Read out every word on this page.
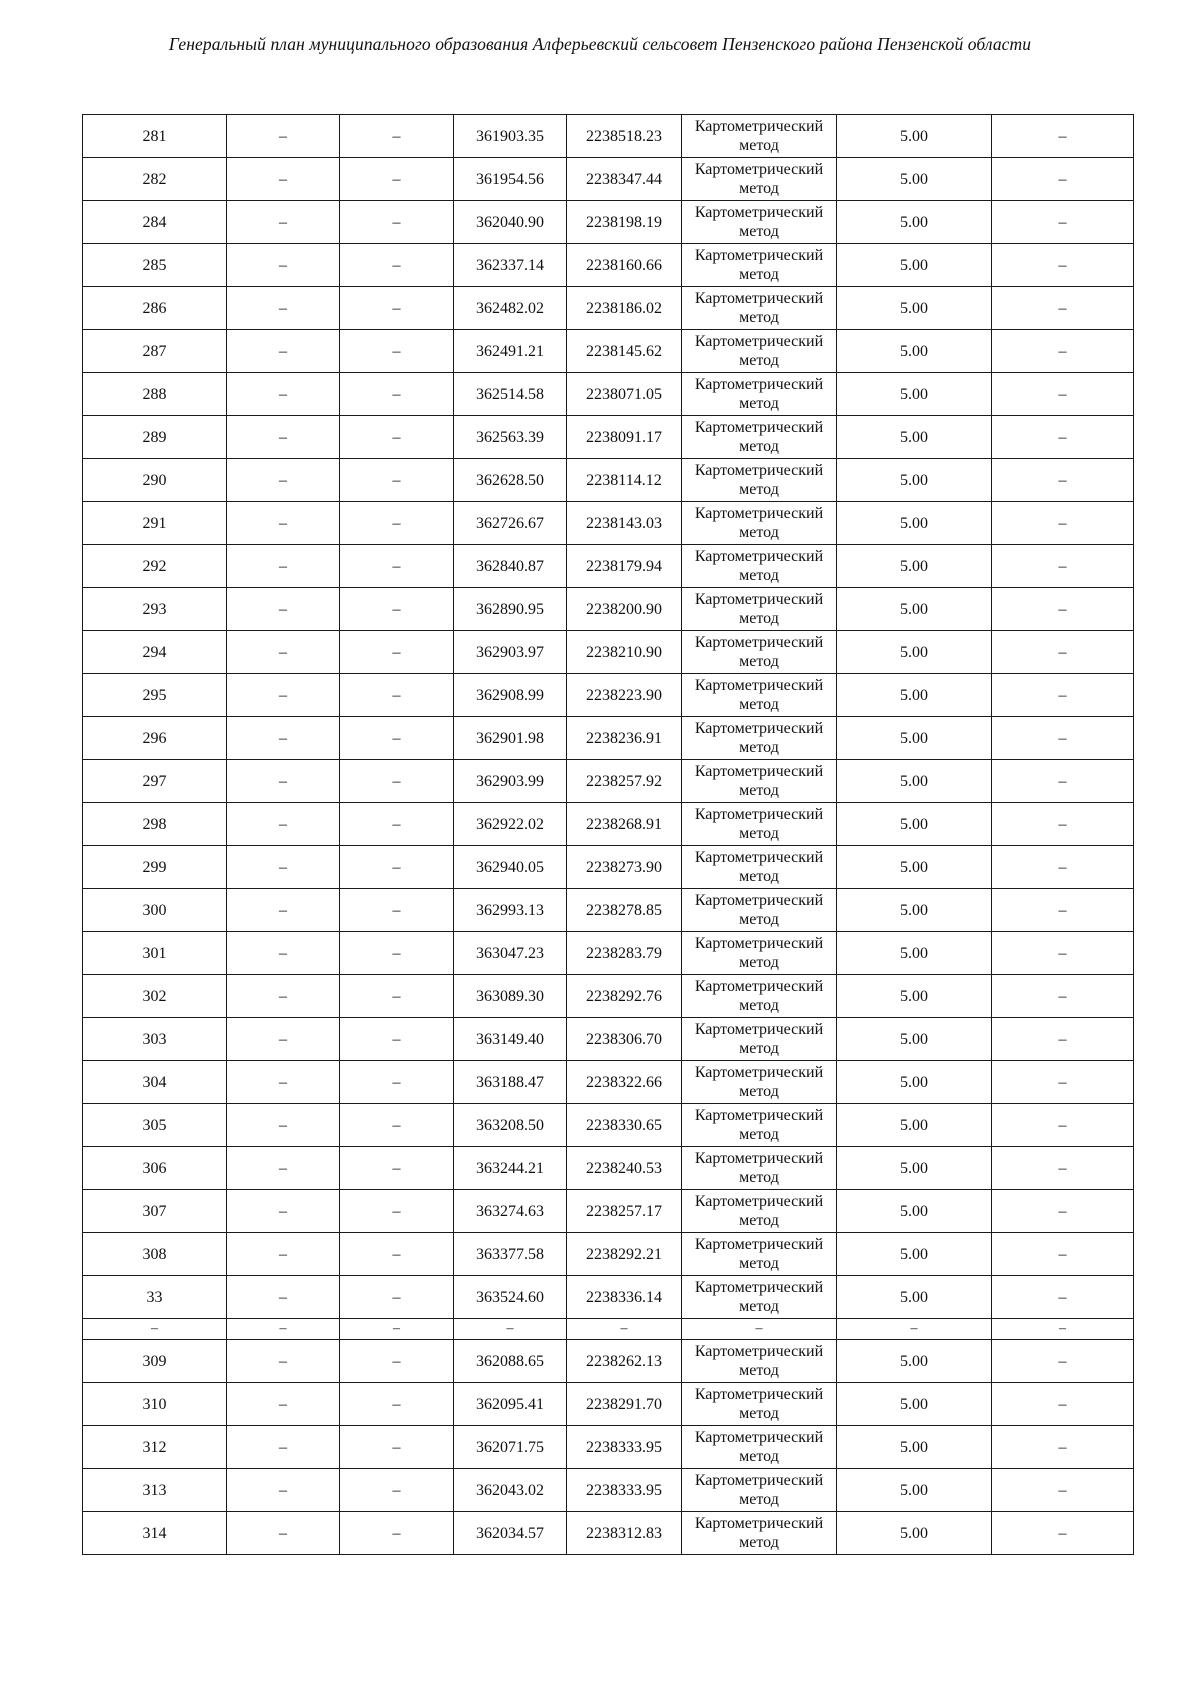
Генеральный план муниципального образования Алферьевский сельсовет Пензенского района Пензенской области
281	–	–	361903.35	2238518.23	Картометрический метод	5.00	–
282	–	–	361954.56	2238347.44	Картометрический метод	5.00	–
284	–	–	362040.90	2238198.19	Картометрический метод	5.00	–
285	–	–	362337.14	2238160.66	Картометрический метод	5.00	–
286	–	–	362482.02	2238186.02	Картометрический метод	5.00	–
287	–	–	362491.21	2238145.62	Картометрический метод	5.00	–
288	–	–	362514.58	2238071.05	Картометрический метод	5.00	–
289	–	–	362563.39	2238091.17	Картометрический метод	5.00	–
290	–	–	362628.50	2238114.12	Картометрический метод	5.00	–
291	–	–	362726.67	2238143.03	Картометрический метод	5.00	–
292	–	–	362840.87	2238179.94	Картометрический метод	5.00	–
293	–	–	362890.95	2238200.90	Картометрический метод	5.00	–
294	–	–	362903.97	2238210.90	Картометрический метод	5.00	–
295	–	–	362908.99	2238223.90	Картометрический метод	5.00	–
296	–	–	362901.98	2238236.91	Картометрический метод	5.00	–
297	–	–	362903.99	2238257.92	Картометрический метод	5.00	–
298	–	–	362922.02	2238268.91	Картометрический метод	5.00	–
299	–	–	362940.05	2238273.90	Картометрический метод	5.00	–
300	–	–	362993.13	2238278.85	Картометрический метод	5.00	–
301	–	–	363047.23	2238283.79	Картометрический метод	5.00	–
302	–	–	363089.30	2238292.76	Картометрический метод	5.00	–
303	–	–	363149.40	2238306.70	Картометрический метод	5.00	–
304	–	–	363188.47	2238322.66	Картометрический метод	5.00	–
305	–	–	363208.50	2238330.65	Картометрический метод	5.00	–
306	–	–	363244.21	2238240.53	Картометрический метод	5.00	–
307	–	–	363274.63	2238257.17	Картометрический метод	5.00	–
308	–	–	363377.58	2238292.21	Картометрический метод	5.00	–
33	–	–	363524.60	2238336.14	Картометрический метод	5.00	–
–	–	–	–	–	–	–	–
309	–	–	362088.65	2238262.13	Картометрический метод	5.00	–
310	–	–	362095.41	2238291.70	Картометрический метод	5.00	–
312	–	–	362071.75	2238333.95	Картометрический метод	5.00	–
313	–	–	362043.02	2238333.95	Картометрический метод	5.00	–
314	–	–	362034.57	2238312.83	Картометрический метод	5.00	–
